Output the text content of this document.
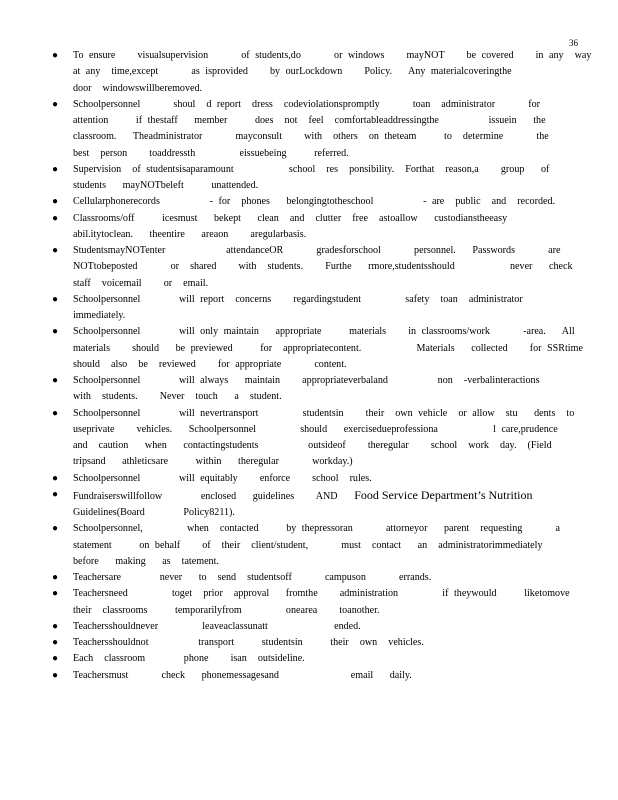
36
● To ensure    visualsupervision      of students,do      or windows    mayNOT    be covered    in any  way
at any  time,except      as isprovided    by ourLockdown    Policy.   Any materialcoveringthe
door  windowswillberemoved.
● Schoolpersonnel      shoul  d report  dress  codeviolationspromptly      toan  administrator      for
attention     if thestaff   member     does  not  feel  comfortableaddressingthe         issuein   the
classroom.   Theadministrator      mayconsult    with  others  on theteam     to  determine      the
best  person    toaddressth        eissuebeing     referred.
● Supervision  of studentsisaparamount          school  res  ponsibility.  Forthat  reason,a    group   of
students   mayNOTbeleft     unattended.
● Cellularphonerecords         - for  phones   belongingtotheschool         - are  public  and  recorded.
● Classrooms/off     icesmust   bekept   clean  and  clutter  free  astoallow   custodianstheeasy
abil.itytoclean.   theentire   areaon    aregularbasis.
● StudentsmayNOTenter           attendanceOR      gradesforschool      personnel.   Passwords      are
NOTtobeposted      or  shared    with  students.    Furthe   rmore,studentsshould          never   check
staff  voicemail    or  email.
● Schoolpersonnel       will report  concerns    regardingstudent        safety  toan  administrator
immediately.
● Schoolpersonnel       will only maintain   appropriate     materials    in classrooms/work      -area.   All
materials    should   be previewed     for  appropriatecontent.          Materials   collected    for SSRtime
should  also  be  reviewed    for appropriate      content.
● Schoolpersonnel       will always   maintain    appropriateverbaland         non  -verbalinteractions
with  students.    Never  touch   a  student.
● Schoolpersonnel       will nevertransport        studentsin    their  own vehicle  or allow  stu   dents  to
useprivate    vehicles.   Schoolpersonnel        should   exercisedueprofessiona          l care,prudence
and  caution   when   contactingstudents         outsideof    theregular    school  work  day.  (Field
tripsand   athleticsare     within   theregular      workday.)
● Schoolpersonnel       will equitably    enforce    school  rules.
● Fundraiserswillfollow       enclosed   guidelines    AND Food Service Department’s Nutrition
Guidelines(Board       Policy8211).
● Schoolpersonnel,        when  contacted     by thepressoran      attorneyor   parent  requesting      a
statement     on behalf    of  their  client/student,      must  contact   an  administratorimmediately
before   making   as  tatement.
● Teachersare       never   to  send  studentsoff      campuson      errands.
● Teachersneed        toget  prior  approval   fromthe    administration        if theywould     liketomove
their  classrooms     temporarilyfrom        onearea    toanother.
● Teachersshouldnever        leaveaclassunatt            ended.
● Teachersshouldnot         transport     studentsin     their  own  vehicles.
● Each  classroom       phone    isan  outsideline.
● Teachersmust      check   phonemessagesand             email   daily.
